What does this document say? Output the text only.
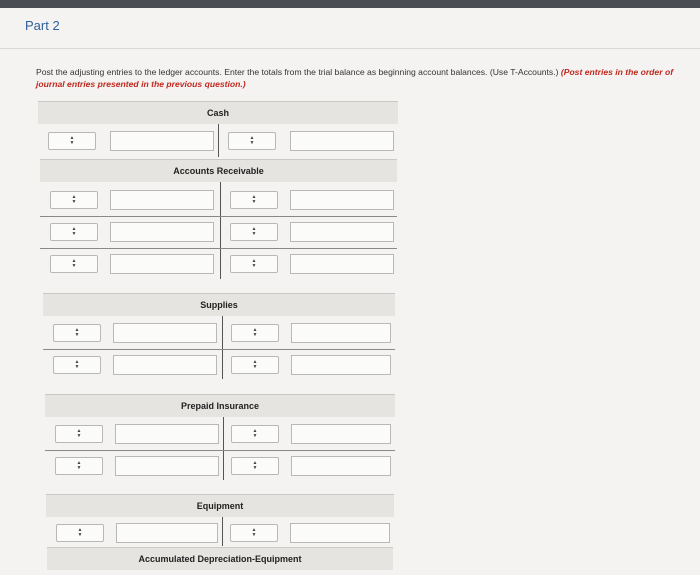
Part 2
Post the adjusting entries to the ledger accounts. Enter the totals from the trial balance as beginning account balances. (Use T-Accounts.) (Post entries in the order of journal entries presented in the previous question.)
Cash
▲
▼
▲
▼
Accounts Receivable
▲
▼
▲
▼
▲
▼
▲
▼
▲
▼
▲
▼
Supplies
▲
▼
▲
▼
▲
▼
▲
▼
Prepaid Insurance
▲
▼
▲
▼
▲
▼
▲
▼
Equipment
▲
▼
▲
▼
Accumulated Depreciation-Equipment
